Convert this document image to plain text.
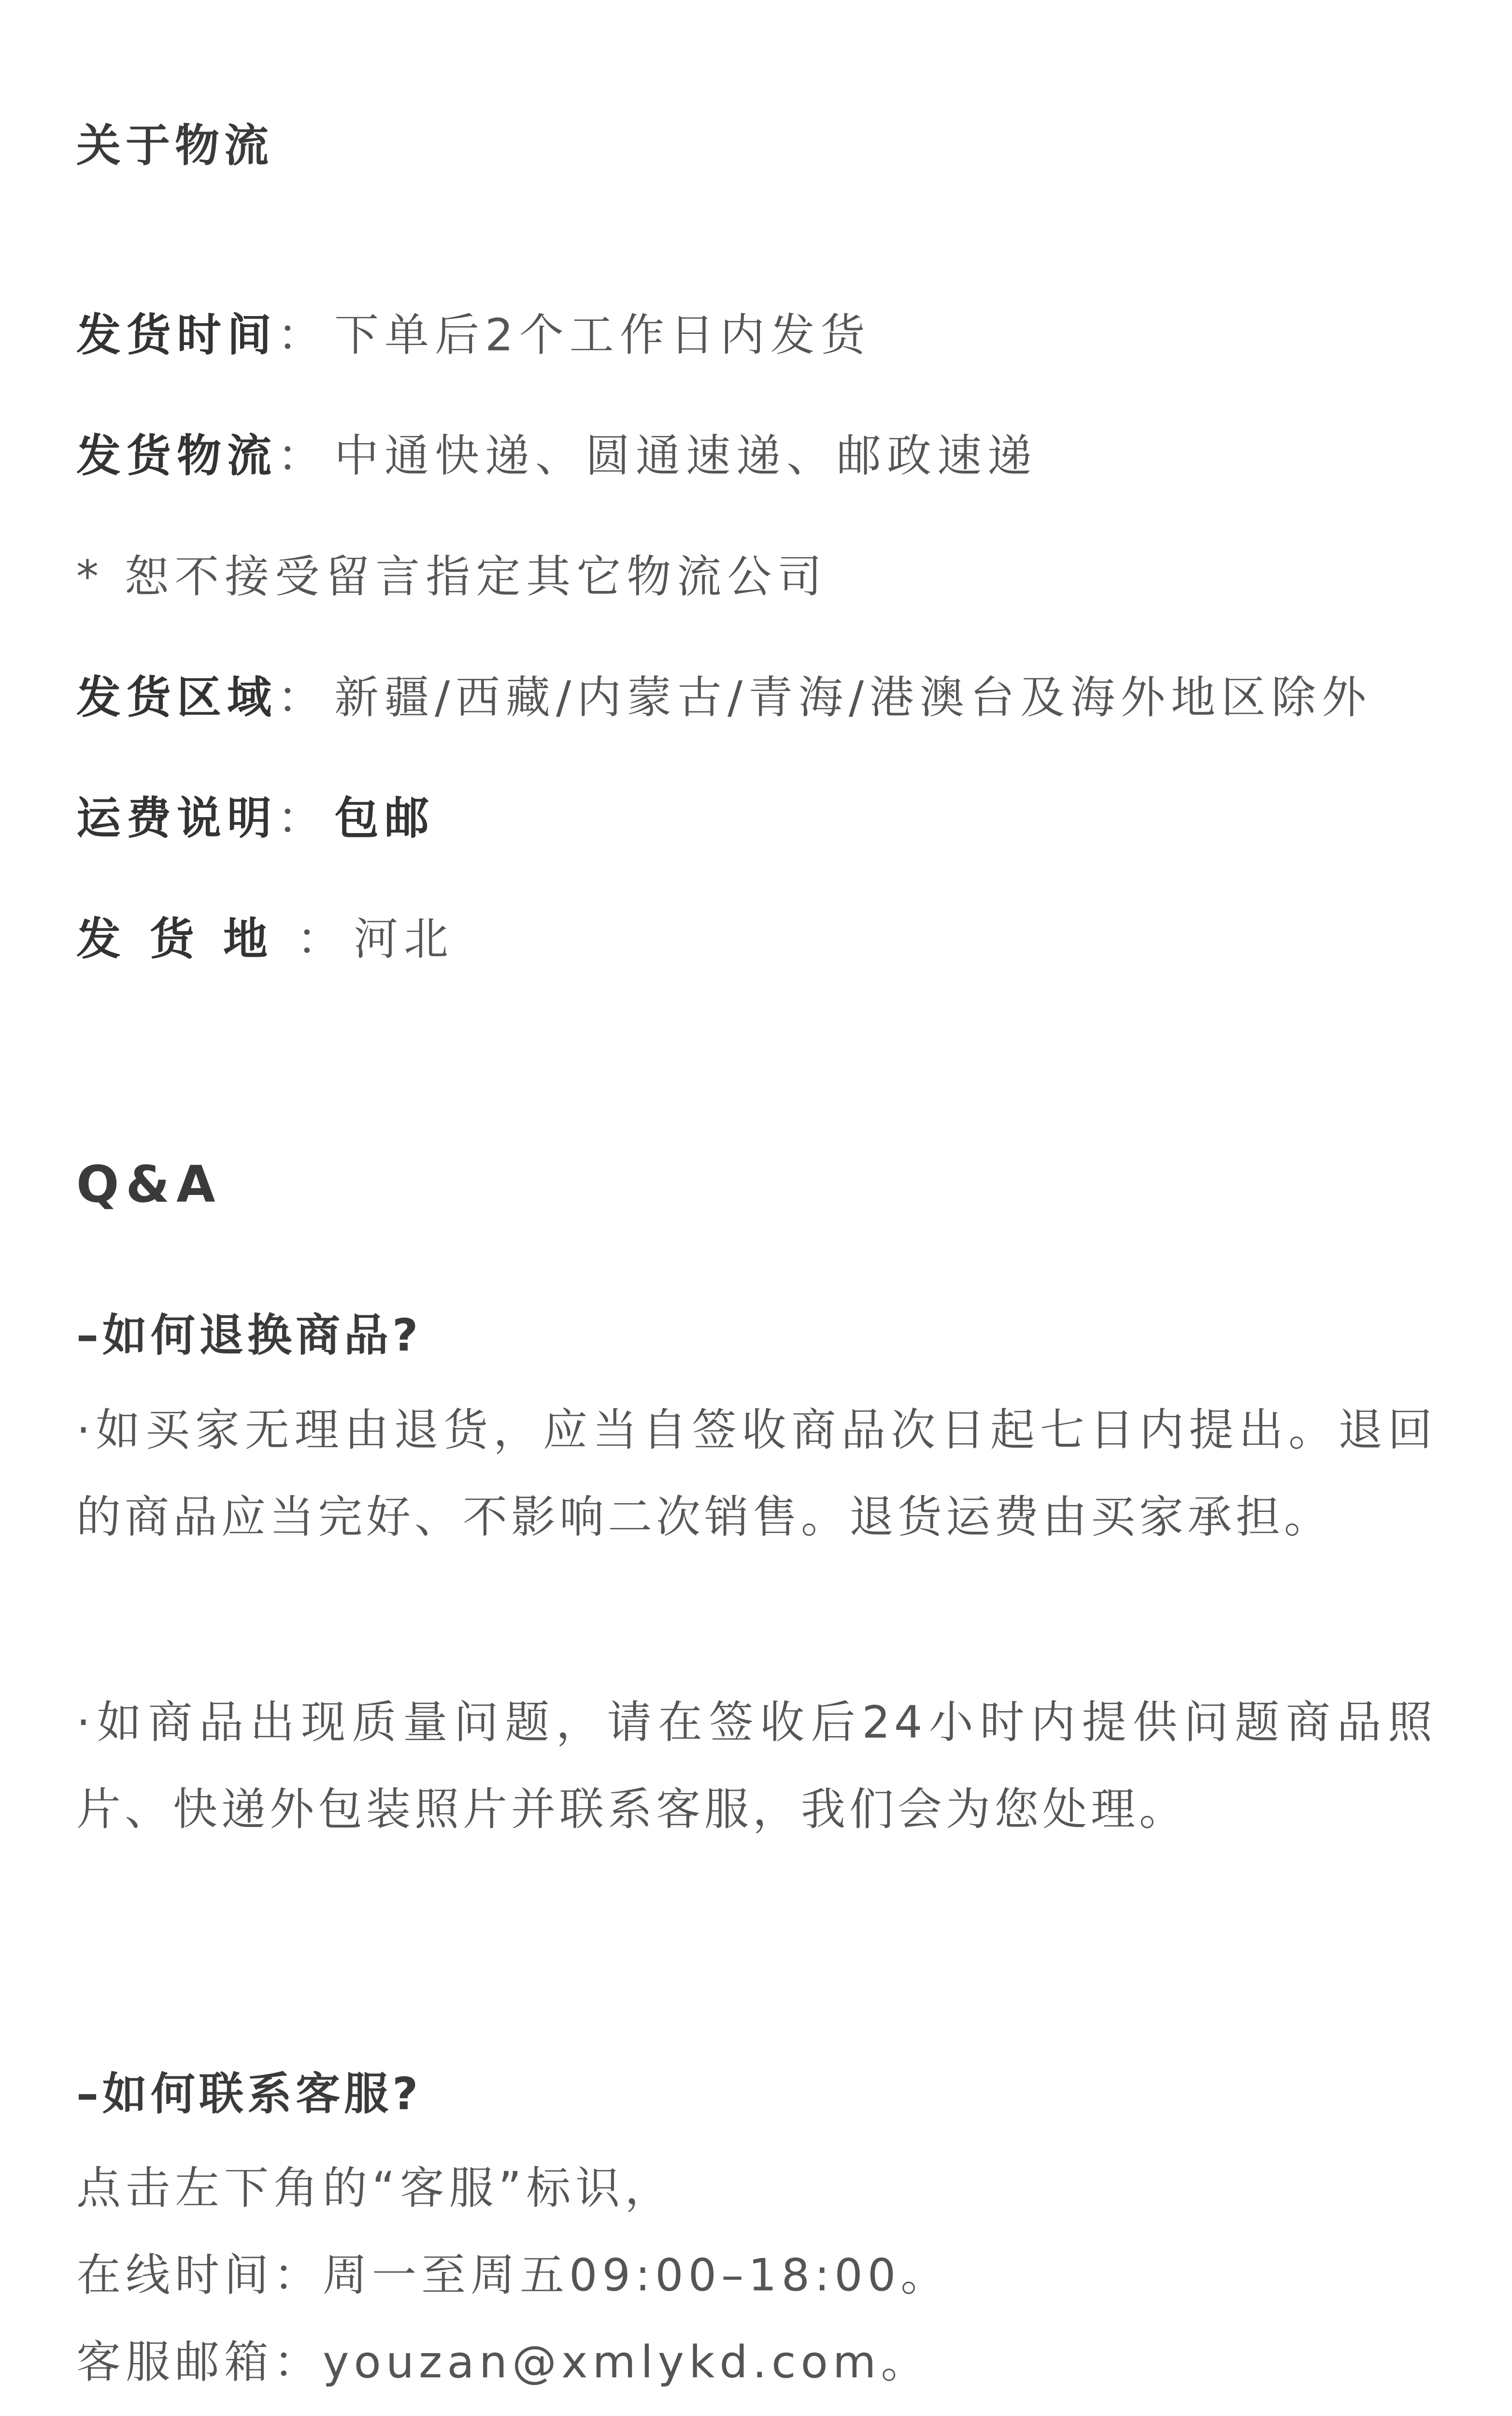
关于物流
发货时间： 下单后2个工作日内发货
发货物流： 中通快递、圆通速递、邮政速递
* 恕不接受留言指定其它物流公司
发货区域： 新疆/西藏/内蒙古/青海/港澳台及海外地区除外
运费说明： 包邮
发货地： 河北
Q&A
–如何退换商品?
·如买家无理由退货，应当自签收商品次日起七日内提出。退回的商品应当完好、不影响二次销售。退货运费由买家承担。
·如商品出现质量问题，请在签收后24小时内提供问题商品照片、快递外包装照片并联系客服，我们会为您处理。
–如何联系客服?
点击左下角的“客服”标识，
在线时间：周一至周五09:00–18:00。
客服邮箱：youzan@xmlykd.com。
